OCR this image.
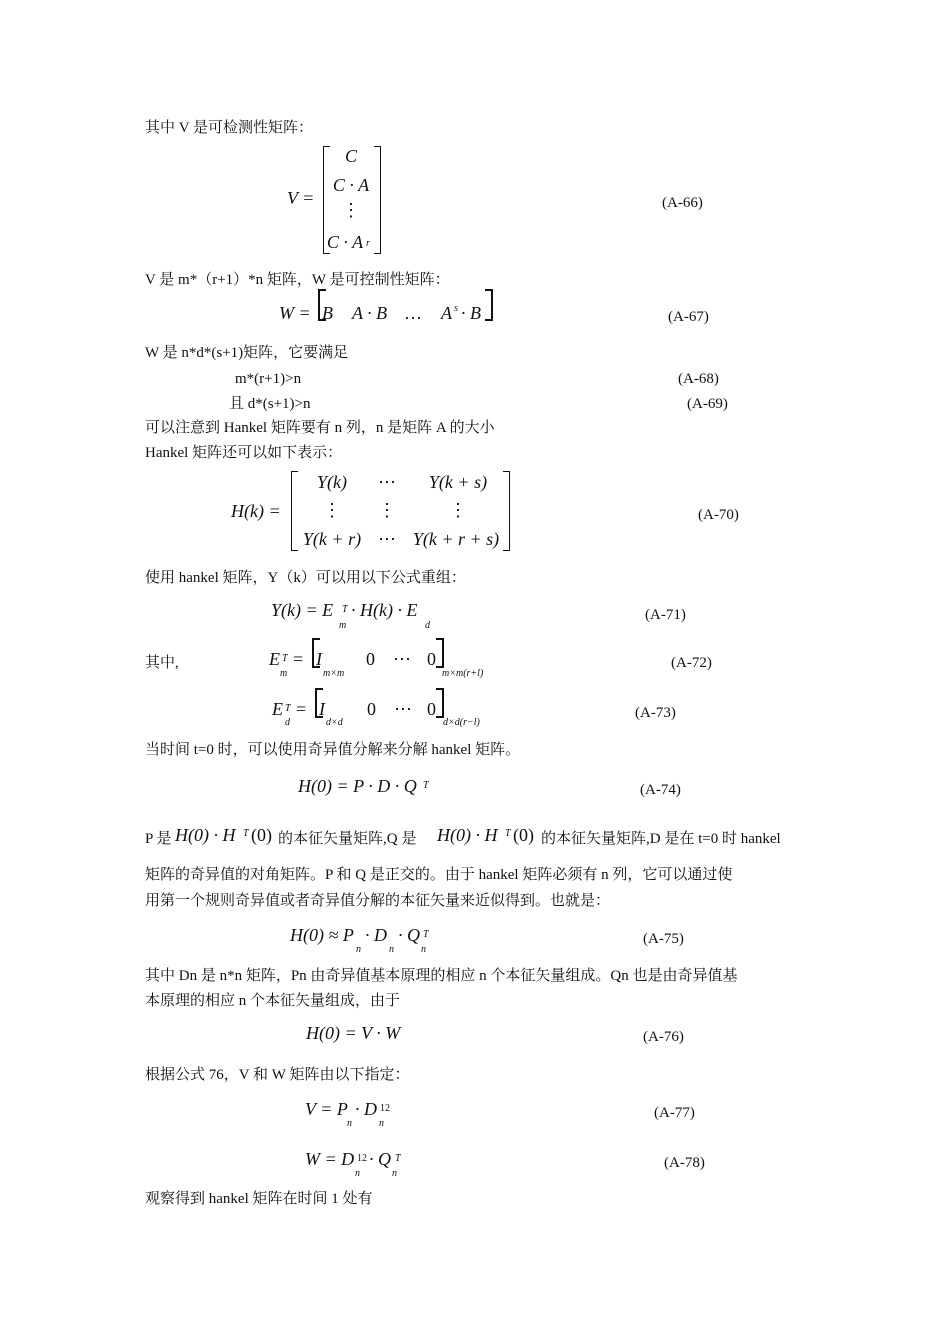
其中 V 是可检测性矩阵：
V =
C
C · A
⋮
C · A r
(A-66)
V 是 m*（r+1）*n 矩阵，W 是可控制性矩阵：
W = B A · B … A s · B	(A-67)
W 是 n*d*(s+1)矩阵，它要满足
m*(r+1)>n	(A-68)
且 d*(s+1)>n	(A-69)
可以注意到 Hankel 矩阵要有 n 列，n 是矩阵 A 的大小
Hankel 矩阵还可以如下表示：
H(k) =
Y(k)	⋯	Y(k + s)
⋮	⋮	⋮
Y(k + r) ⋯ Y(k + r + s)
(A-70)
使用 hankel 矩阵，Y（k）可以用以下公式重组：
Y(k) = E T
m
· H(k) · E
d
(A-71)
其中,	E T
m
= I
m×m
0 ⋯ 0
m×m(r+l)
(A-72)
E T
d
= I
d×d
0 ⋯ 0
d×d(r−l)
(A-73)
当时间 t=0 时，可以使用奇异值分解来分解 hankel 矩阵。
H(0) = P · D · Q T	(A-74)
P 是 H(0) · H T (0) 的本征矢量矩阵,Q 是 H(0) · H T (0) 的本征矢量矩阵,D 是在 t=0 时 hankel
矩阵的奇异值的对角矩阵。P 和 Q 是正交的。由于 hankel 矩阵必须有 n 列，它可以通过使
用第一个规则奇异值或者奇异值分解的本征矢量来近似得到。也就是：
H(0) ≈ P
n
· D
n
· Q T
n
(A-75)
其中 Dn 是 n*n 矩阵，Pn 由奇异值基本原理的相应 n 个本征矢量组成。Qn 也是由奇异值基
本原理的相应 n 个本征矢量组成，由于
H(0) = V · W	(A-76)
根据公式 76，V 和 W 矩阵由以下指定：
V = P
n
· D 12
n
(A-77)
W = D 12
n
· Q T
n
(A-78)
观察得到 hankel 矩阵在时间 1 处有
